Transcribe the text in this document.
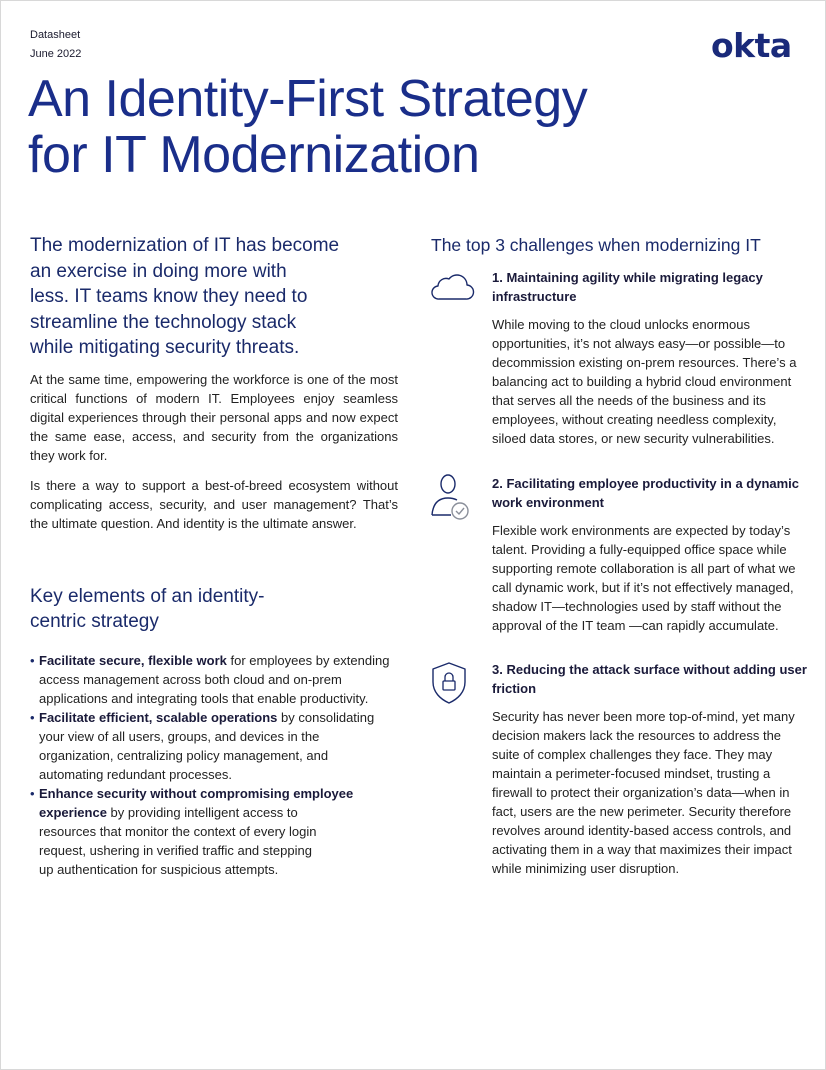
Datasheet
June 2022	okta
An Identity-First Strategy
for IT Modernization
The modernization of IT has become
an exercise in doing more with
less. IT teams know they need to
streamline the technology stack
while mitigating security threats.
At the same time, empowering the workforce is one of the most critical functions of modern IT. Employees enjoy seamless digital experiences through their personal apps and now expect the same ease, access, and security from the organizations they work for.
Is there a way to support a best-of-breed ecosystem without complicating access, security, and user management? That’s the ultimate question. And identity is the ultimate answer.
Key elements of an identity-
centric strategy
• Facilitate secure, flexible work for employees by extending
access management across both cloud and on-prem
applications and integrating tools that enable productivity.
• Facilitate efficient, scalable operations by consolidating
your view of all users, groups, and devices in the
organization, centralizing policy management, and
automating redundant processes.
• Enhance security without compromising employee
experience by providing intelligent access to
resources that monitor the context of every login
request, ushering in verified traffic and stepping
up authentication for suspicious attempts.
The top 3 challenges when modernizing IT
1. Maintaining agility while migrating legacy
infrastructure
While moving to the cloud unlocks enormous
opportunities, it’s not always easy—or possible—to
decommission existing on-prem resources. There’s a
balancing act to building a hybrid cloud environment
that serves all the needs of the business and its
employees, without creating needless complexity,
siloed data stores, or new security vulnerabilities.
2. Facilitating employee productivity in a dynamic
work environment
Flexible work environments are expected by today’s
talent. Providing a fully-equipped office space while
supporting remote collaboration is all part of what we
call dynamic work, but if it’s not effectively managed,
shadow IT—technologies used by staff without the
approval of the IT team —can rapidly accumulate.
3. Reducing the attack surface without adding user
friction
Security has never been more top-of-mind, yet many
decision makers lack the resources to address the
suite of complex challenges they face. They may
maintain a perimeter-focused mindset, trusting a
firewall to protect their organization’s data—when in
fact, users are the new perimeter. Security therefore
revolves around identity-based access controls, and
activating them in a way that maximizes their impact
while minimizing user disruption.
